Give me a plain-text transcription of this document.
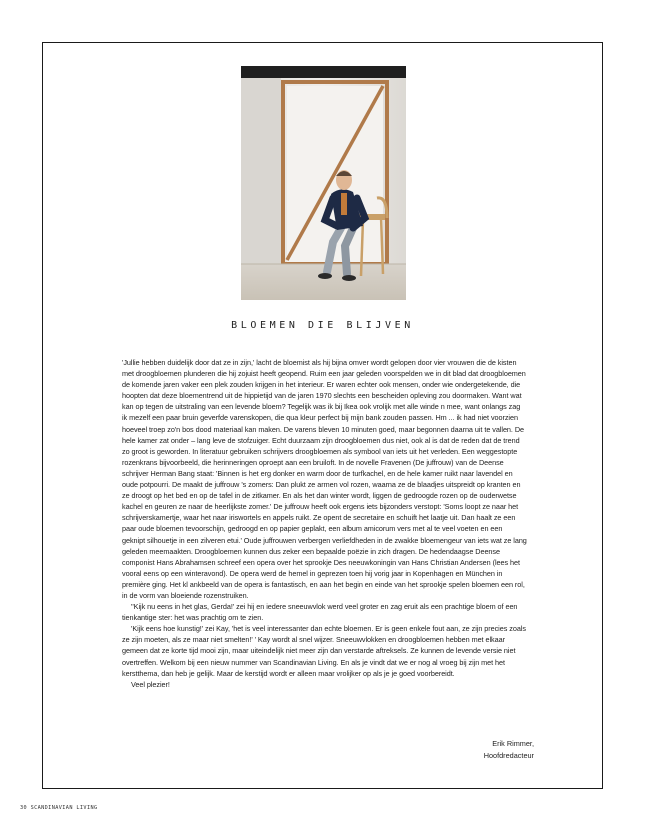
BLOEMEN DIE BLIJVEN

'Jullie hebben duidelijk door dat ze in zijn,' lacht de bloemist als hij bijna omver wordt gelopen door vier vrouwen die de kisten met droogbloemen plunderen die hij zojuist heeft geopend. Ruim een jaar geleden voorspelden we in dit blad dat droogbloemen de komende jaren vaker een plek zouden krijgen in het interieur. Er waren echter ook mensen, onder wie ondergetekende, die hoopten dat deze bloementrend uit de hippietijd van de jaren 1970 slechts een bescheiden opleving zou doormaken. Want wat kan op tegen de uitstraling van een levende bloem? Tegelijk was ik bij Ikea ook vrolijk met alle winde n mee, want onlangs zag ik mezelf een paar bruin geverfde varenskopen, die qua kleur perfect bij mijn bank zouden passen. Hm ... ik had niet voorzien hoeveel troep zo'n bos dood materiaal kan maken. De varens bleven 10 minuten goed, maar begonnen daarna uit te vallen. De hele kamer zat onder – lang leve de stofzuiger. Echt duurzaam zijn droogbloemen dus niet, ook al is dat de reden dat de trend zo groot is geworden. In literatuur gebruiken schrijvers droogbloemen als symbool van iets uit het verleden. Een weggestopte rozenkrans bijvoorbeeld, die herinneringen oproept aan een bruiloft. In de novelle Fravenen (De juffrouw) van de Deense schrijver Herman Bang staat: 'Binnen is het erg donker en warm door de turfkachel, en de hele kamer ruikt naar lavendel en oude potpourri. De maakt de juffrouw 's zomers: Dan plukt ze armen vol rozen, waarna ze de blaadjes uitspreidt op kranten en ze droogt op het bed en op de tafel in de zitkamer. En als het dan winter wordt, liggen de gedroogde rozen op de ouderwetse kachel en geuren ze naar de heerlijkste zomer.' De juffrouw heeft ook ergens iets bijzonders verstopt: 'Soms loopt ze naar het schrijverskamertje, waar het naar iriswortels en appels ruikt. Ze opent de secretaire en schuift het laatje uit. Dan haalt ze een paar oude bloemen tevoorschijn, gedroogd en op papier geplakt, een album amicorum vers met al te veel voeten en een geknipt silhouetje in een zilveren etui.' Oude juffrouwen verbergen verliefdheden in de zwakke bloemengeur van iets wat ze lang geleden meemaakten. Droogbloemen kunnen dus zeker een bepaalde poëzie in zich dragen. De hedendaagse Deense componist Hans Abrahamsen schreef een opera over het sprookje Des neeuwkoningin van Hans Christian Andersen (lees het vooral eens op een winteravond). De opera werd de hemel in geprezen toen hij vorig jaar in Kopenhagen en München in première ging. Het kl ankbeeld van de opera is fantastisch, en aan het begin en einde van het sprookje spelen bloemen een rol, in de vorm van bloeiende rozenstruiken.

''Kijk nu eens in het glas, Gerda!' zei hij en iedere sneeuwvlok werd veel groter en zag eruit als een prachtige bloem of een tienkantige ster: het was prachtig om te zien.

'Kijk eens hoe kunstig!' zei Kay, 'het is veel interessanter dan echte bloemen. Er is geen enkele fout aan, ze zijn precies zoals ze zijn moeten, als ze maar niet smelten!' ' Kay wordt al snel wijzer. Sneeuwvlokken en droogbloemen hebben met elkaar gemeen dat ze korte tijd mooi zijn, maar uiteindelijk niet meer zijn dan verstarde aftreksels. Ze kunnen de levende versie niet overtreffen. Welkom bij een nieuw nummer van Scandinavian Living. En als je vindt dat we er nog al vroeg bij zijn met het kerstthema, dan heb je gelijk. Maar de kerstijd wordt er alleen maar vrolijker op als je je goed voorbereidt.

Veel plezier!

Erik Rimmer,
Hoofdredacteur
30 SCANDINAVIAN LIVING
